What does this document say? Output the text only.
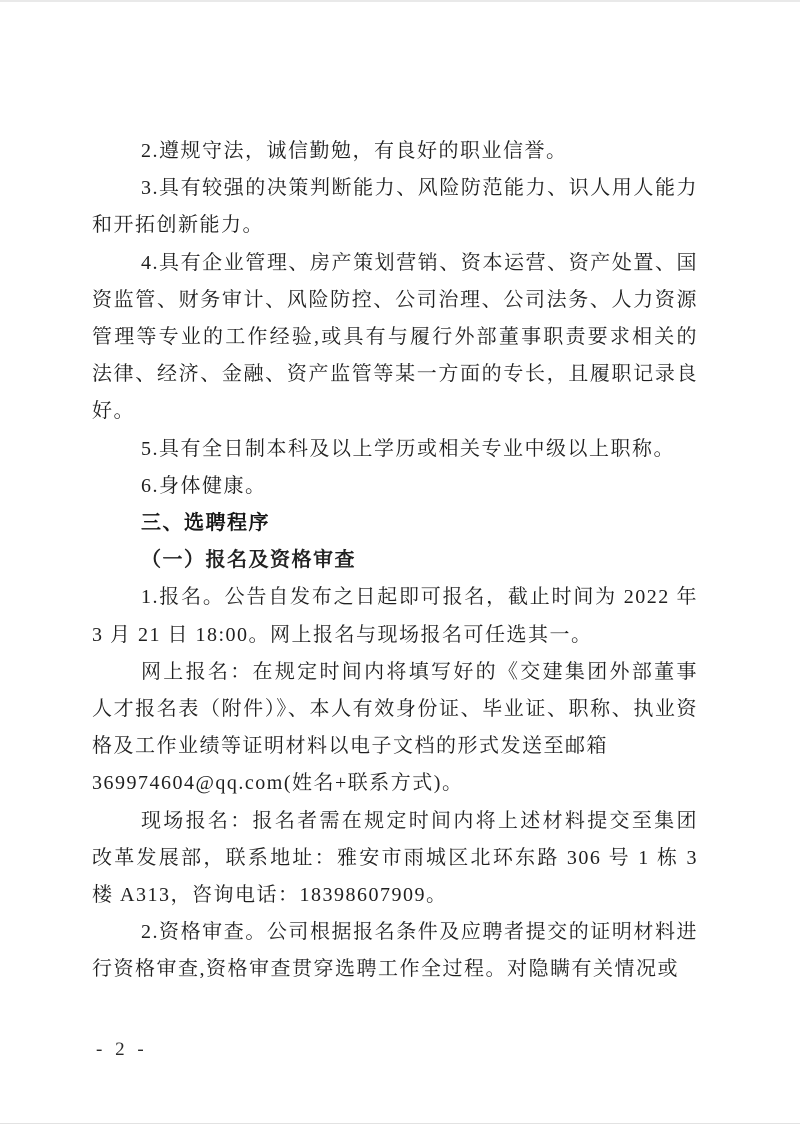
2.遵规守法，诚信勤勉，有良好的职业信誉。

3.具有较强的决策判断能力、风险防范能力、识人用人能力和开拓创新能力。

4.具有企业管理、房产策划营销、资本运营、资产处置、国资监管、财务审计、风险防控、公司治理、公司法务、人力资源管理等专业的工作经验,或具有与履行外部董事职责要求相关的法律、经济、金融、资产监管等某一方面的专长，且履职记录良好。

5.具有全日制本科及以上学历或相关专业中级以上职称。

6.身体健康。

三、选聘程序
（一）报名及资格审查

1.报名。公告自发布之日起即可报名，截止时间为 2022 年 3 月 21 日 18:00。网上报名与现场报名可任选其一。

网上报名：在规定时间内将填写好的《交建集团外部董事人才报名表（附件）》、本人有效身份证、毕业证、职称、执业资格及工作业绩等证明材料以电子文档的形式发送至邮箱

369974604@qq.com(姓名+联系方式)。

现场报名：报名者需在规定时间内将上述材料提交至集团改革发展部，联系地址：雅安市雨城区北环东路 306 号 1 栋 3 楼 A313，咨询电话：18398607909。

2.资格审查。公司根据报名条件及应聘者提交的证明材料进行资格审查,资格审查贯穿选聘工作全过程。对隐瞒有关情况或

- 2 -
